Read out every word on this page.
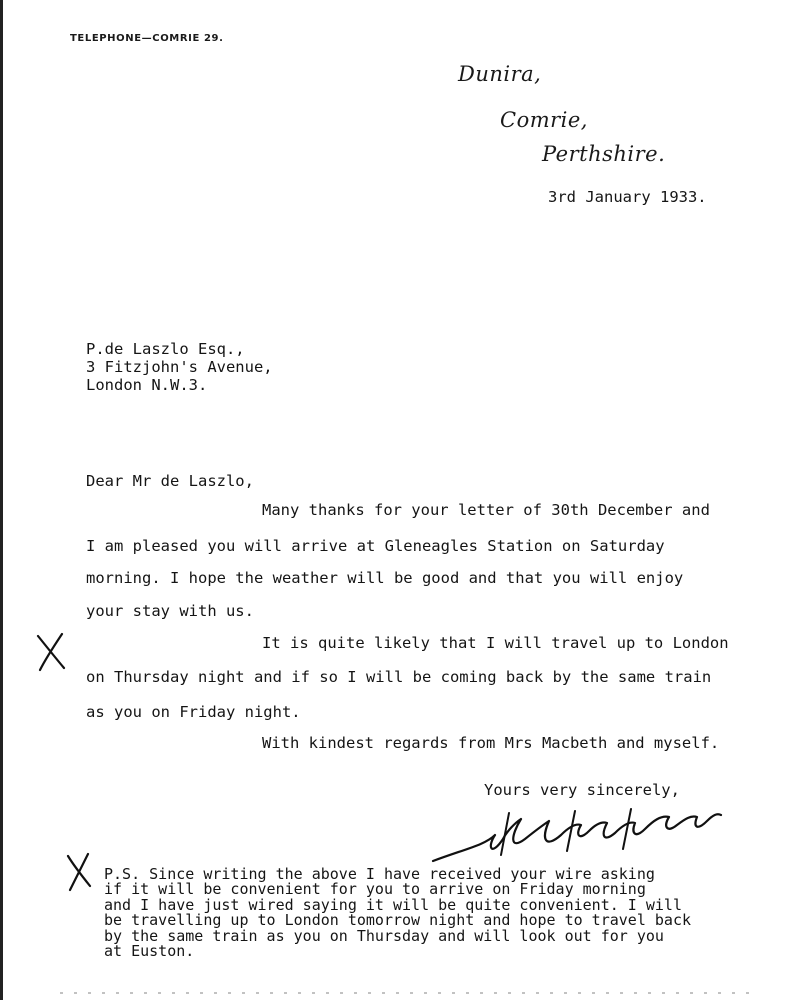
TELEPHONE—COMRIE 29.
Dunira,
Comrie,
Perthshire.
3rd January 1933.
P.de Laszlo Esq.,
3 Fitzjohn's Avenue,
London N.W.3.
Dear Mr de Laszlo,
Many thanks for your letter of 30th December and
I am pleased you will arrive at Gleneagles Station on Saturday
morning. I hope the weather will be good and that you will enjoy
your stay with us.
It is quite likely that I will travel up to London
on Thursday night and if so I will be coming back by the same train
as you on Friday night.
With kindest regards from Mrs Macbeth and myself.
Yours very sincerely,
P.S. Since writing the above I have received your wire asking
if it will be convenient for you to arrive on Friday morning
and I have just wired saying it will be quite convenient. I will
be travelling up to London tomorrow night and hope to travel back
by the same train as you on Thursday and will look out for you
at Euston.
